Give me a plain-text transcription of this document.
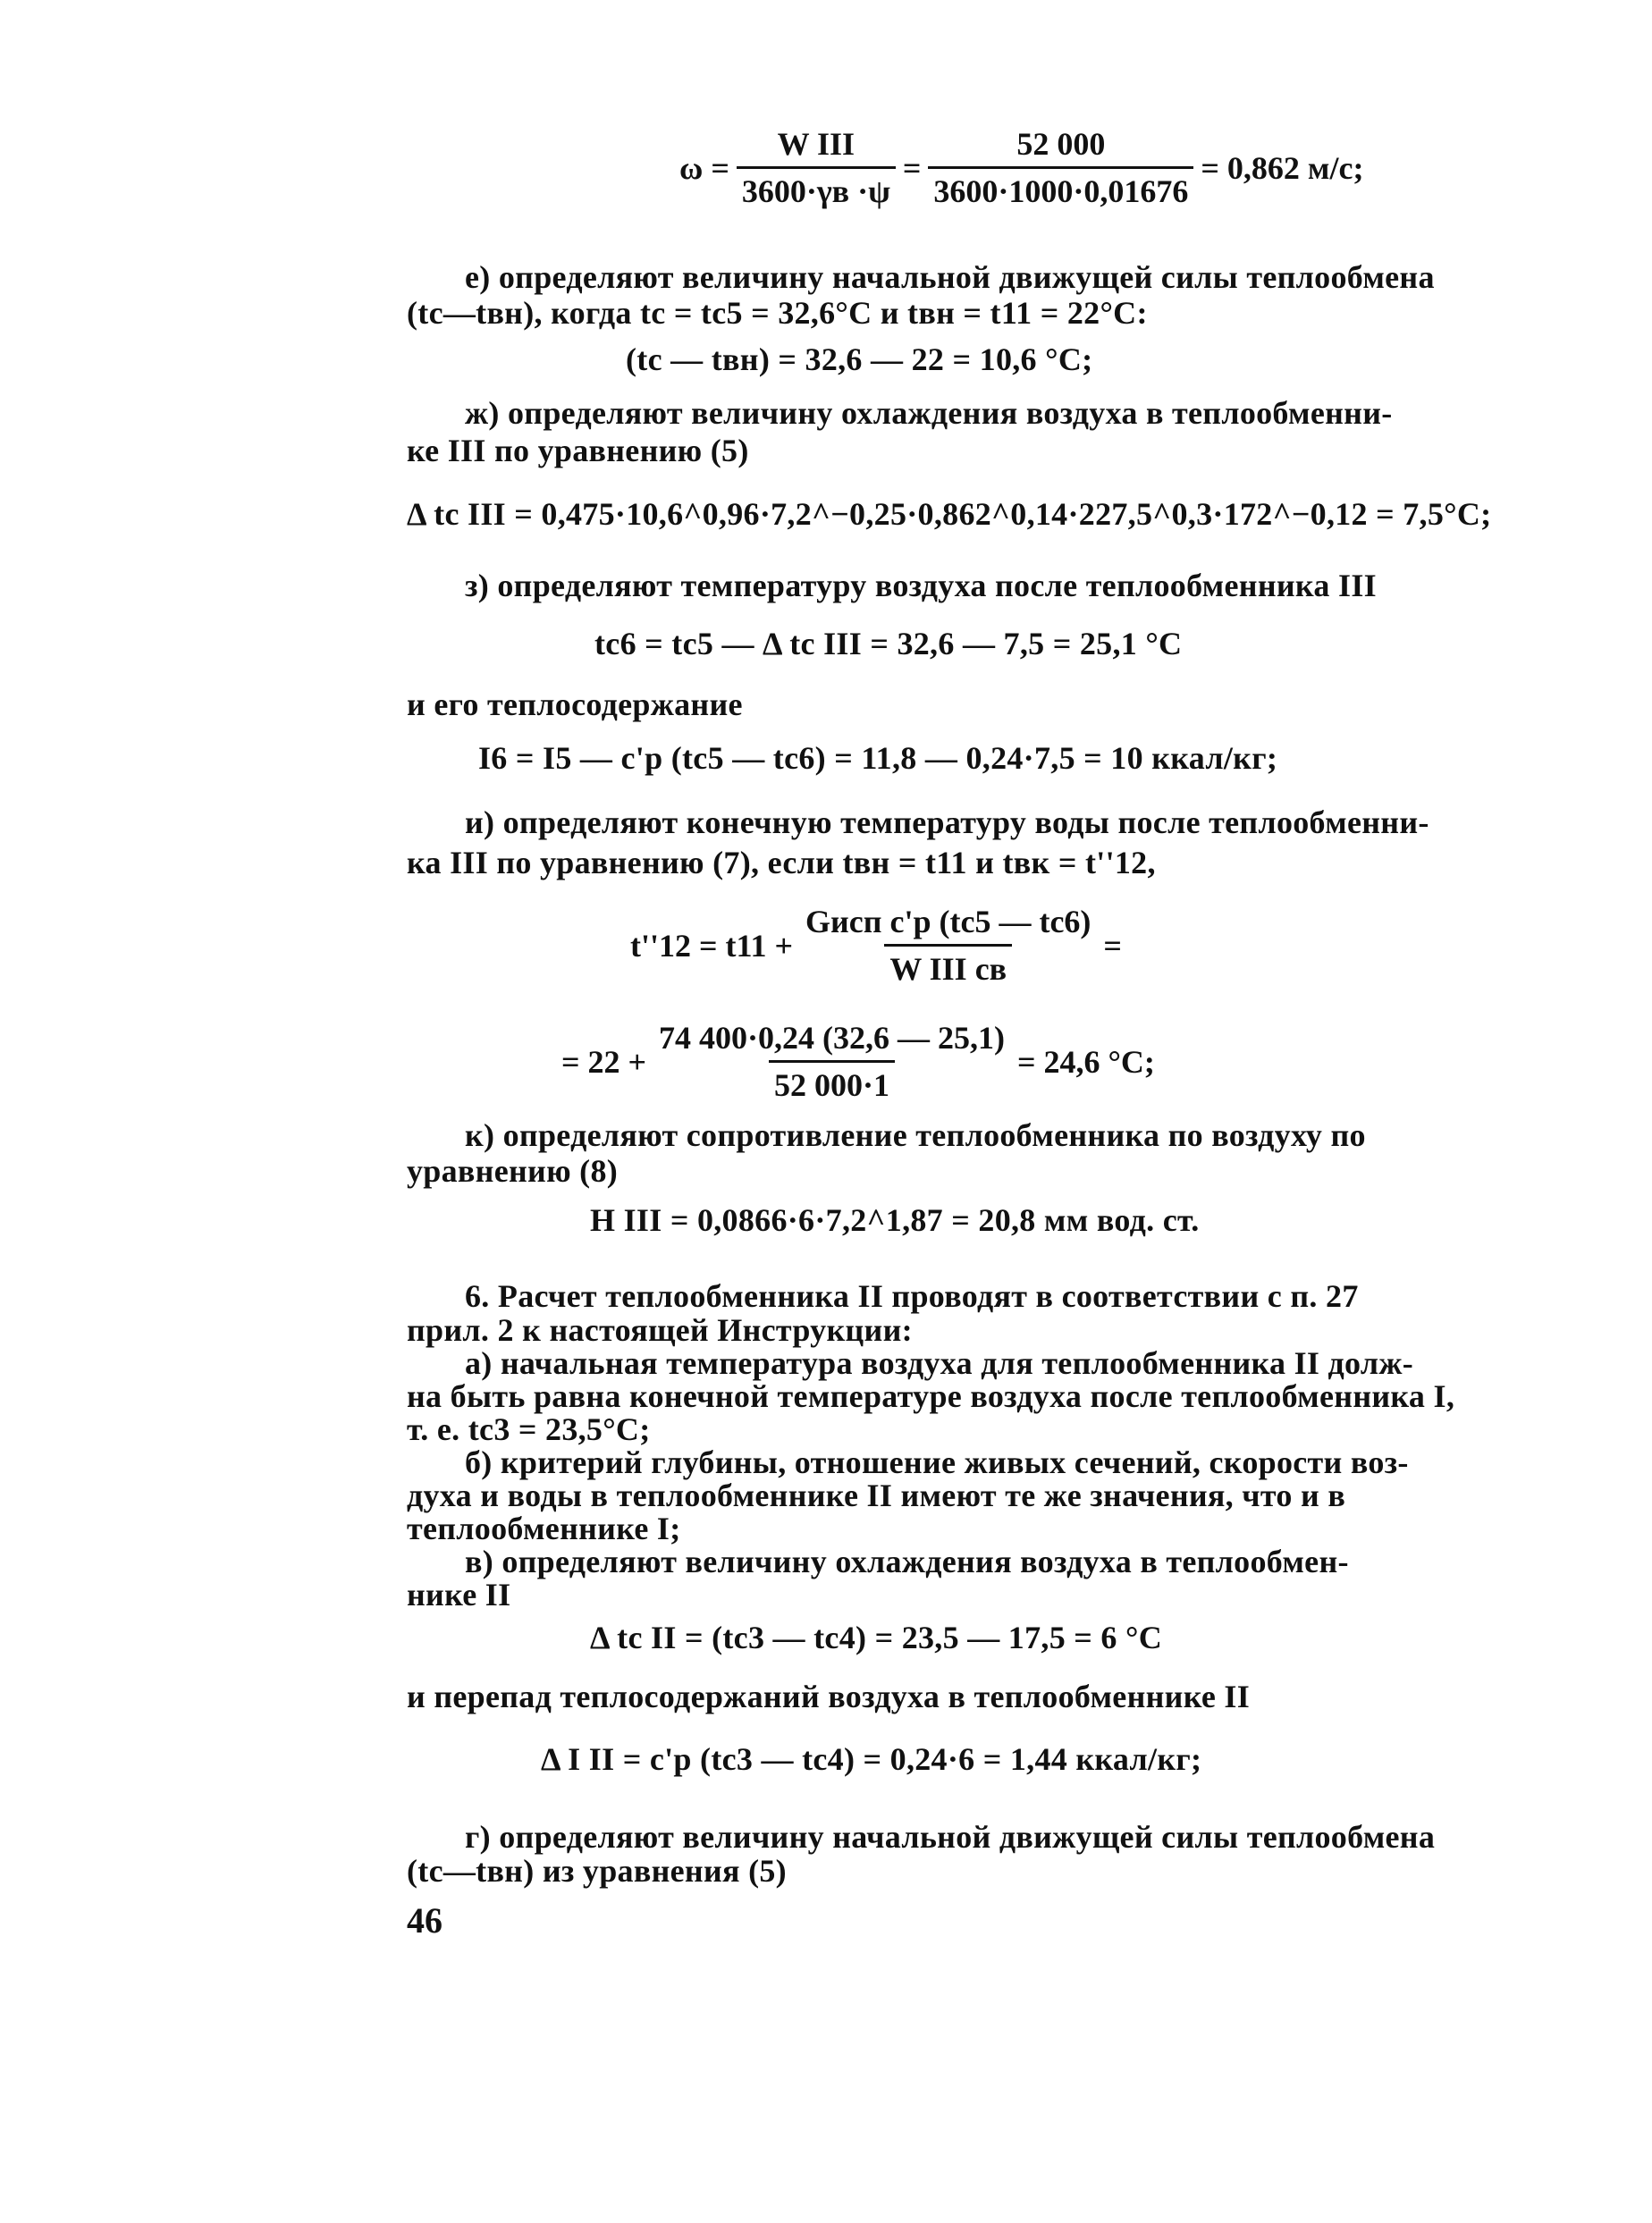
$\omega = \frac{\text{W III}}{3600\cdot\gamma в \cdot\psi} = \frac{52 000}{3600\cdot 1000\cdot 0,01676} = 0,862$ м/с;
е) определяют величину начальной движущей силы теплообмена
(tс—tвн), когда tс = tс5 = 32,6°С и tвн = t11 = 22°С:
(tс — tвн) = 32,6 — 22 = 10,6 °С;
ж) определяют величину охлаждения воздуха в теплообменни-
ке III по уравнению (5)
Δ tс III = 0,475·10,6^0,96·7,2^−0,25·0,862^0,14·227,5^0,3·172^−0,12 = 7,5°С;
з) определяют температуру воздуха после теплообменника III
tс6 = tс5 — Δ tс III = 32,6 — 7,5 = 25,1 °С
и его теплосодержание
I6 = I5 — c'p (tс5 — tс6) = 11,8 — 0,24·7,5 = 10 ккал/кг;
и) определяют конечную температуру воды после теплообменни-
ка III по уравнению (7), если tвн = t11 и tвк = t''12,
$t''12 = t11 + \frac{\text{Gисп c'p (tс5 — tс6)}}{\text{W III cв}}$ =
= $22 + \frac{74 400\cdot 0,24 (32,6 — 25,1)}{52 000\cdot 1} = 24,6$ °С;
к) определяют сопротивление теплообменника по воздуху по
уравнению (8)
H III = 0,0866·6·7,2^1,87 = 20,8 мм вод. ст.
6. Расчет теплообменника II проводят в соответствии с п. 27
прил. 2 к настоящей Инструкции:
а) начальная температура воздуха для теплообменника II долж-
на быть равна конечной температуре воздуха после теплообменника I,
т. е. tс3 = 23,5°С;
б) критерий глубины, отношение живых сечений, скорости воз-
духа и воды в теплообменнике II имеют те же значения, что и в
теплообменнике I;
в) определяют величину охлаждения воздуха в теплообмен-
нике II
Δ tс II = (tс3 — tс4) = 23,5 — 17,5 = 6 °С
и перепад теплосодержаний воздуха в теплообменнике II
Δ I II = c'p (tс3 — tс4) = 0,24·6 = 1,44 ккал/кг;
г) определяют величину начальной движущей силы теплообмена
(tс—tвн) из уравнения (5)
46
